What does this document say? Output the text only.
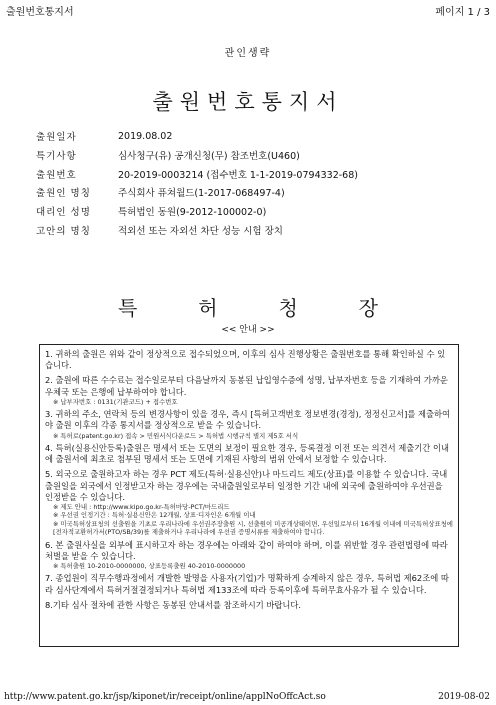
출원번호통지서	페이지 1 / 3
관인생략
출원번호통지서
출원일자	2019.08.02
특기사항	심사청구(유) 공개신청(무) 참조번호(U460)
출원번호	20-2019-0003214 (접수번호 1-1-2019-0794332-68)
출원인 명칭	주식회사 퓨쳐월드(1-2017-068497-4)
대리인 성명	특허법인 동원(9-2012-100002-0)
고안의 명칭	적외선 또는 자외선 차단 성능 시험 장치
특	허	청	장
<< 안내 >>

1. 귀하의 출원은 위와 같이 정상적으로 접수되었으며, 이후의 심사 진행상황은 출원번호를 통해 확인하실 수 있습니다.

2. 출원에 따른 수수료는 접수일로부터 다음날까지 동봉된 납입영수증에 성명, 납부자번호 등을 기재하여 가까운 우체국 또는 은행에 납부하여야 합니다.

※ 납부자번호 : 0131(기관코드) + 접수번호

3. 귀하의 주소, 연락처 등의 변경사항이 있을 경우, 즉시 [특허고객번호 정보변경(경정), 정정신고서]를 제출하여야 출원 이후의 각종 통지서를 정상적으로 받을 수 있습니다.

※ 특허로(patent.go.kr) 접속 > 민원서식다운로드 > 특허법 시행규칙 별지 제5호 서식

4. 특허(실용신안등록)출원은 명세서 또는 도면의 보정이 필요한 경우, 등록결정 이전 또는 의견서 제출기간 이내에 출원서에 최초로 첨부된 명세서 또는 도면에 기재된 사항의 범위 안에서 보정할 수 있습니다.

5. 외국으로 출원하고자 하는 경우 PCT 제도(특허·실용신안)나 마드리드 제도(상표)를 이용할 수 있습니다. 국내출원일을 외국에서 인정받고자 하는 경우에는 국내출원일로부터 일정한 기간 내에 외국에 출원하여야 우선권을 인정받을 수 있습니다.

※ 제도 안내 : http://www.kipo.go.kr-특허마당-PCT/마드리드

※ 우선권 인정기간 : 특허·실용신안은 12개월, 상표·디자인은 6개월 이내

※ 미국특허상표청의 선출원을 기초로 우리나라에 우선권주장출원 시, 선출원이 미공개상태이면, 우선일로부터 16개월 이내에 미국특허상표청에 [전자적교환허가서(PTO/SB/39)를 제출하거나 우리나라에 우선권 증명서류를 제출하여야 합니다.

6. 본 출원사실을 외부에 표시하고자 하는 경우에는 아래와 같이 하여야 하며, 이를 위반할 경우 관련법령에 따라 처벌을 받을 수 있습니다.

※ 특허출원 10-2010-0000000, 상표등록출원 40-2010-0000000

7. 종업원이 직무수행과정에서 개발한 발명을 사용자(기업)가 명확하게 승계하지 않은 경우, 특허법 제62조에 따라 심사단계에서 특허거절결정되거나 특허법 제133조에 따라 등록이후에 특허무효사유가 될 수 있습니다.

8.기타 심사 절차에 관한 사항은 동봉된 안내서를 참조하시기 바랍니다.

http://www.patent.go.kr/jsp/kiponet/ir/receipt/online/applNoOffcAct.so	2019-08-02
